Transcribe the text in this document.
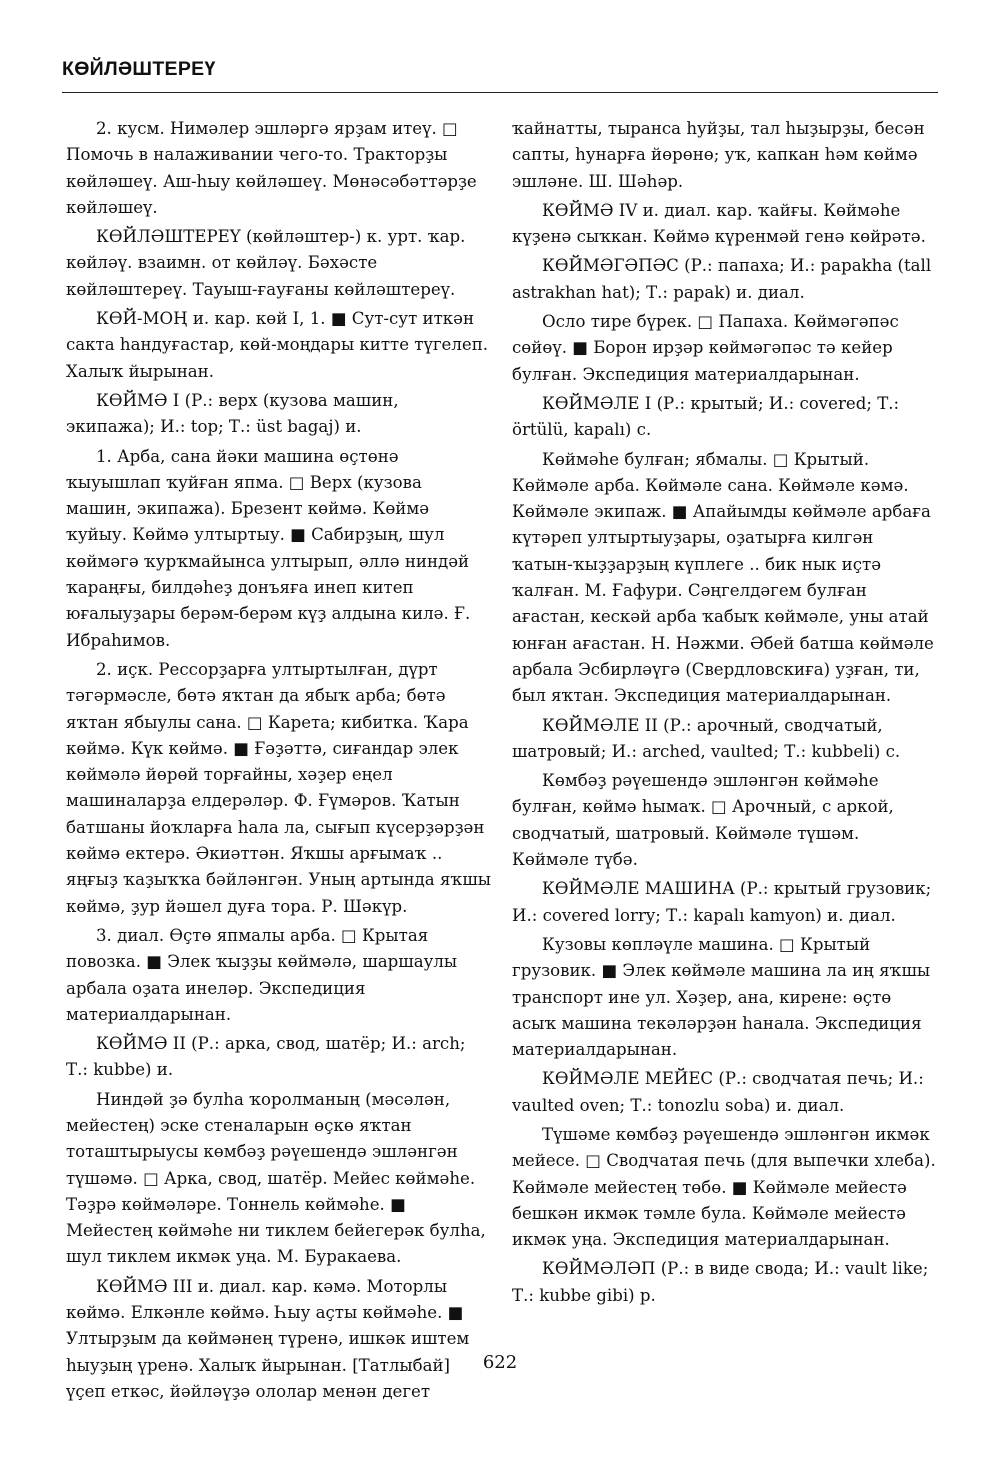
КӨЙЛӘШТЕРЕҮ

2. кусм. Нимәлер эшләргә ярҙам итеү. □ Помочь в налаживании чего-то. Тракторҙы көйләшеү. Аш-һыу көйләшеү. Мөнәсәбәттәрҙе көйләшеү.

КӨЙЛӘШТЕРЕҮ (көйләштер-) к. урт. ҡар. көйләү. взаимн. от көйләү. Бәхәсте көйләштереү. Тауыш-ғауғаны көйләштереү.

КӨЙ-МОҢ и. кар. көй I, 1. ■ Сут-сут иткән сакта һандуғастар, көй-моңдары китте түгелеп. Халыҡ йырынан.

КӨЙМӘ I (Р.: верх (кузова машин, экипажа); И.: top; Т.: üst bagaj) и.

1. Арба, сана йәки машина өҫтөнә ҡыуышлап ҡуйған япма. □ Верх (кузова машин, экипажа). Брезент көймә. Көймә ҡуйыу. Көймә ултыртыу. ■ Сабирҙың, шул көймәгә ҡурҡмайынса ултырып, әллә ниндәй ҡараңғы, билдәһеҙ донъяға инеп китеп юғалыуҙары берәм-берәм күҙ алдына килә. Ғ. Ибраһимов.

2. иҫк. Рессорҙарға ултыртылған, дүрт тәгәрмәсле, бөтә яҡтан да ябыҡ арба; бөтә яҡтан ябыулы сана. □ Карета; кибитка. Ҡара көймә. Күк көймә. ■ Ғәҙәттә, сиғандар элек көймәлә йөрөй торғайны, хәҙер еңел машиналарҙа елдерәләр. Ф. Ғүмәров. Ҡатын батшаны йоҡларға һала ла, сығып күсерҙәрҙән көймә ектерә. Әкиәттән. Яҡшы арғымаҡ .. яңғыҙ ҡаҙыҡҡа бәйләнгән. Уның артында яҡшы көймә, ҙур йәшел дуға тора. Р. Шәкүр.

3. диал. Өҫтө япмалы арба. □ Крытая повозка. ■ Элек ҡыҙҙы көймәлә, шаршаулы арбала оҙата инеләр. Экспедиция материалдарынан.

КӨЙМӘ II (Р.: арка, свод, шатёр; И.: arch; Т.: kubbe) и.

Ниндәй ҙә булһа ҡоролманың (мәсәлән, мейестең) эске стеналарын өҫкө яҡтан тоташтырыусы көмбәҙ рәүешендә эшләнгән түшәмә. □ Арка, свод, шатёр. Мейес көймәһе. Тәҙрә көймәләре. Тоннель көймәһе. ■ Мейестең көймәһе ни тиклем бейегерәк булһа, шул тиклем икмәк уңа. М. Буракаева.

КӨЙМӘ III и. диал. кар. кәмә. Моторлы көймә. Елкәнле көймә. Һыу аҫты көймәһе. ■ Ултырҙым да көймәнең түренә, ишкәк иштем һыуҙың үренә. Халыҡ йырынан. [Татлыбай] үҫеп еткәс, йәйләүҙә ололар менән дегет

ҡайнатты, тыранса һуйҙы, тал һыҙырҙы, бесән сапты, һунарға йөрөнө; уҡ, капкан һәм көймә эшләне. Ш. Шәһәр.

КӨЙМӘ IV и. диал. кар. ҡайғы. Көймәһе күҙенә сыҡкан. Көймә күренмәй генә көйрәтә.

КӨЙМӘГӘПӘС (Р.: папаха; И.: papakha (tall astrakhan hat); Т.: papak) и. диал.

Осло тире бүрек. □ Папаха. Көймәгәпәс сөйөү. ■ Борон ирҙәр көймәгәпәс тә кейер булған. Экспедиция материалдарынан.

КӨЙМӘЛЕ I (Р.: крытый; И.: covered; Т.: örtülü, kapalı) с.

Көймәһе булған; ябмалы. □ Крытый. Көймәле арба. Көймәле сана. Көймәле кәмә. Көймәле экипаж. ■ Апайымды көймәле арбаға күтәреп ултыртыуҙары, оҙатырға килгән ҡатын-ҡыҙҙарҙың күплеге .. бик нык иҫтә ҡалған. М. Ғафури. Сәңгелдәгем булған ағастан, кескәй арба ҡабыҡ көймәле, уны атай юнған ағастан. Н. Нәжми. Әбей батша көймәле арбала Эсбирләүгә (Свердловскиға) уҙған, ти, был яҡтан. Экспедиция материалдарынан.

КӨЙМӘЛЕ II (Р.: арочный, сводчатый, шатровый; И.: arched, vaulted; Т.: kubbeli) с.

Көмбәҙ рәүешендә эшләнгән көймәһе булған, көймә һымаҡ. □ Арочный, с аркой, сводчатый, шатровый. Көймәле түшәм. Көймәле түбә.

КӨЙМӘЛЕ МАШИНА (Р.: крытый грузовик; И.: covered lorry; Т.: kapalı kamyon) и. диал.

Кузовы көпләүле машина. □ Крытый грузовик. ■ Элек көймәле машина ла иң яҡшы транспорт ине ул. Хәҙер, ана, кирене: өҫтө асыҡ машина текәләрҙән һанала. Экспедиция материалдарынан.

КӨЙМӘЛЕ МЕЙЕС (Р.: сводчатая печь; И.: vaulted oven; Т.: tonozlu soba) и. диал.

Түшәме көмбәҙ рәүешендә эшләнгән икмәк мейесе. □ Сводчатая печь (для выпечки хлеба). Көймәле мейестең төбө. ■ Көймәле мейестә бешкән икмәк тәмле була. Көймәле мейестә икмәк уңа. Экспедиция материалдарынан.

КӨЙМӘЛӘП (Р.: в виде свода; И.: vault like; Т.: kubbe gibi) р.

622
